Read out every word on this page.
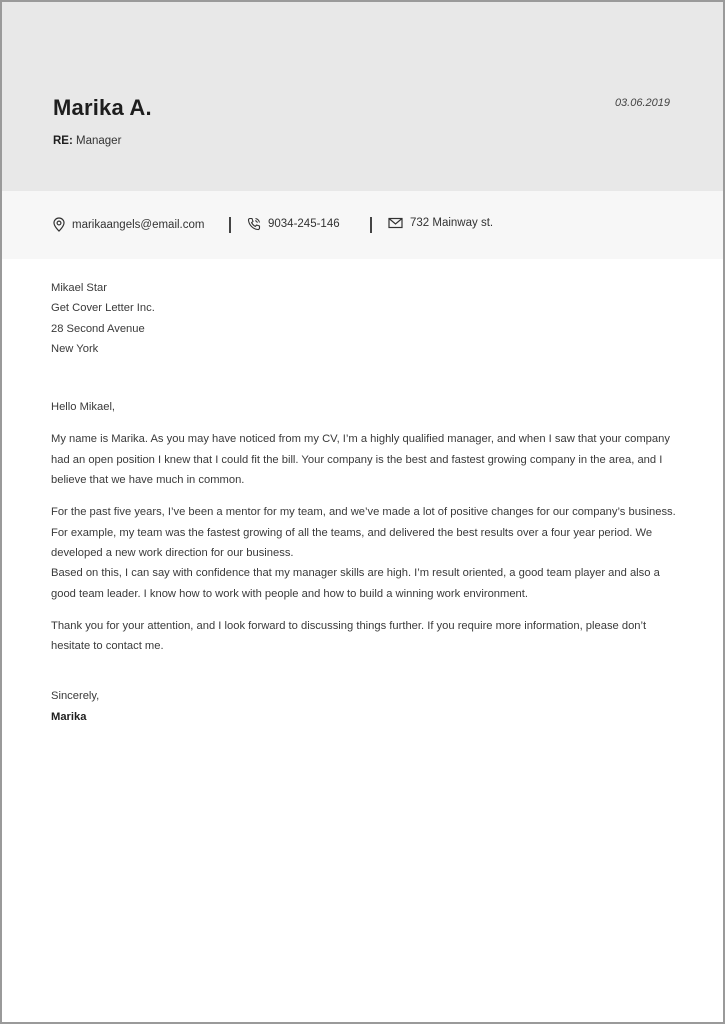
Marika A.	03.06.2019
RE: Manager
marikaangels@email.com	9034-245-146	732 Mainway st.

Mikael Star

Get Cover Letter Inc.

28 Second Avenue

New York

Hello Mikael,

My name is Marika. As you may have noticed from my CV, I’m a highly qualified manager, and when I saw that your company had an open position I knew that I could fit the bill. Your company is the best and fastest growing company in the area, and I believe that we have much in common.

For the past five years, I’ve been a mentor for my team, and we’ve made a lot of positive changes for our company’s business. For example, my team was the fastest growing of all the teams, and delivered the best results over a four year period. We developed a new work direction for our business.

Based on this, I can say with confidence that my manager skills are high. I’m result oriented, a good team player and also a good team leader. I know how to work with people and how to build a winning work environment.

Thank you for your attention, and I look forward to discussing things further. If you require more information, please don’t hesitate to contact me.

Sincerely,

Marika
